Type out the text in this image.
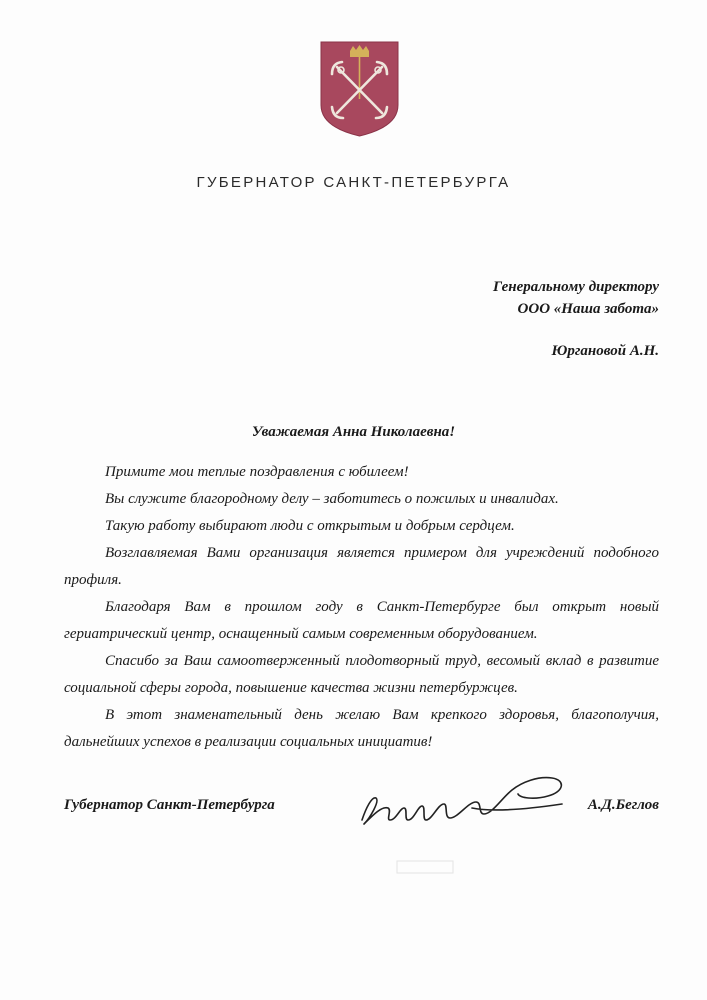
ГУБЕРНАТОР САНКТ-ПЕТЕРБУРГА
Генеральному директору
ООО «Наша забота»
Юргановой А.Н.
Уважаемая Анна Николаевна!

Примите мои теплые поздравления с юбилеем!

Вы служите благородному делу – заботитесь о пожилых и инвалидах.

Такую работу выбирают люди с открытым и добрым сердцем.

Возглавляемая Вами организация является примером для учреждений подобного профиля.

Благодаря Вам в прошлом году в Санкт-Петербурге был открыт новый гериатрический центр, оснащенный самым современным оборудованием.

Спасибо за Ваш самоотверженный плодотворный труд, весомый вклад в развитие социальной сферы города, повышение качества жизни петербуржцев.

В этот знаменательный день желаю Вам крепкого здоровья, благополучия, дальнейших успехов в реализации социальных инициатив!

Губернатор Санкт-Петербурга	А.Д.Беглов
